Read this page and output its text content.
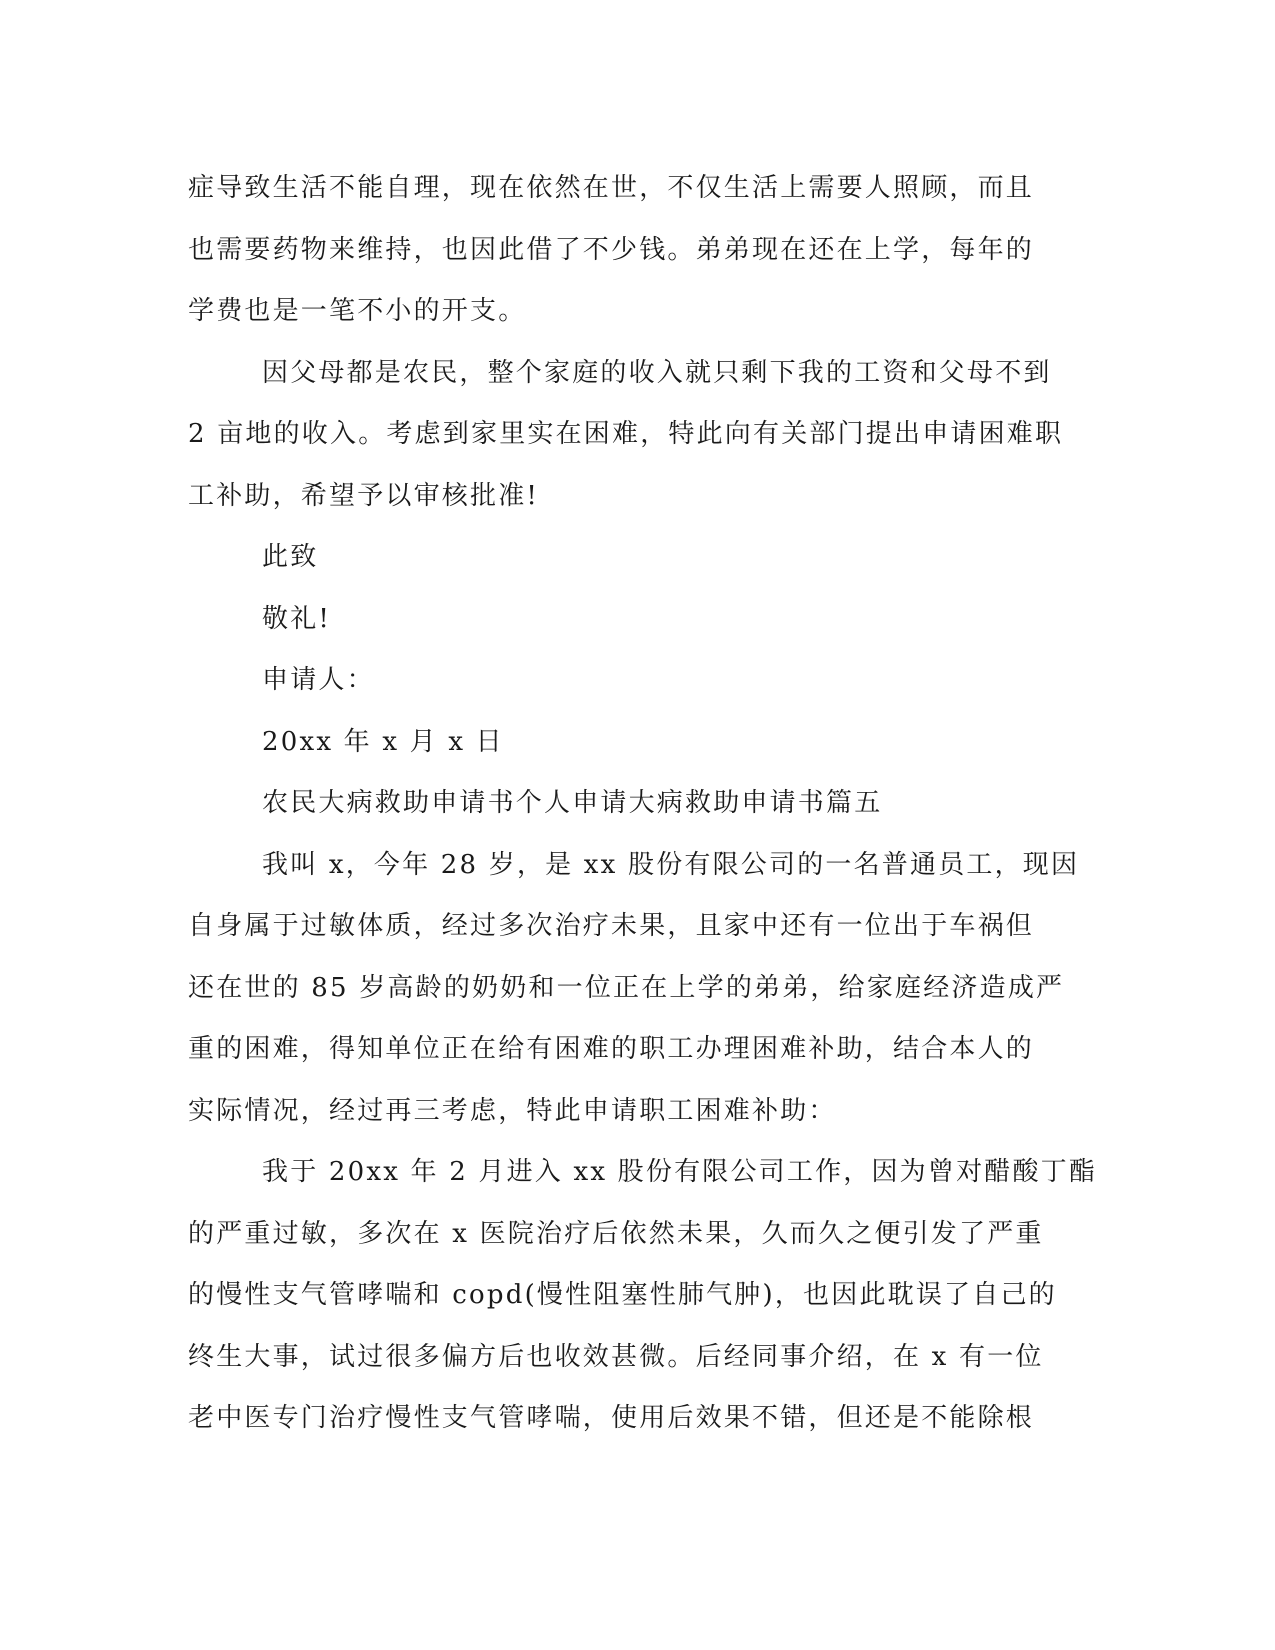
症导致生活不能自理，现在依然在世，不仅生活上需要人照顾，而且
也需要药物来维持，也因此借了不少钱。弟弟现在还在上学，每年的
学费也是一笔不小的开支。
因父母都是农民，整个家庭的收入就只剩下我的工资和父母不到
2 亩地的收入。考虑到家里实在困难，特此向有关部门提出申请困难职
工补助，希望予以审核批准!
此致
敬礼!
申请人：
20xx 年 x 月 x 日
农民大病救助申请书个人申请大病救助申请书篇五
我叫 x，今年 28 岁，是 xx 股份有限公司的一名普通员工，现因
自身属于过敏体质，经过多次治疗未果，且家中还有一位出于车祸但
还在世的 85 岁高龄的奶奶和一位正在上学的弟弟，给家庭经济造成严
重的困难，得知单位正在给有困难的职工办理困难补助，结合本人的
实际情况，经过再三考虑，特此申请职工困难补助：
我于 20xx 年 2 月进入 xx 股份有限公司工作，因为曾对醋酸丁酯
的严重过敏，多次在 x 医院治疗后依然未果，久而久之便引发了严重
的慢性支气管哮喘和 copd(慢性阻塞性肺气肿)，也因此耽误了自己的
终生大事，试过很多偏方后也收效甚微。后经同事介绍，在 x 有一位
老中医专门治疗慢性支气管哮喘，使用后效果不错，但还是不能除根
